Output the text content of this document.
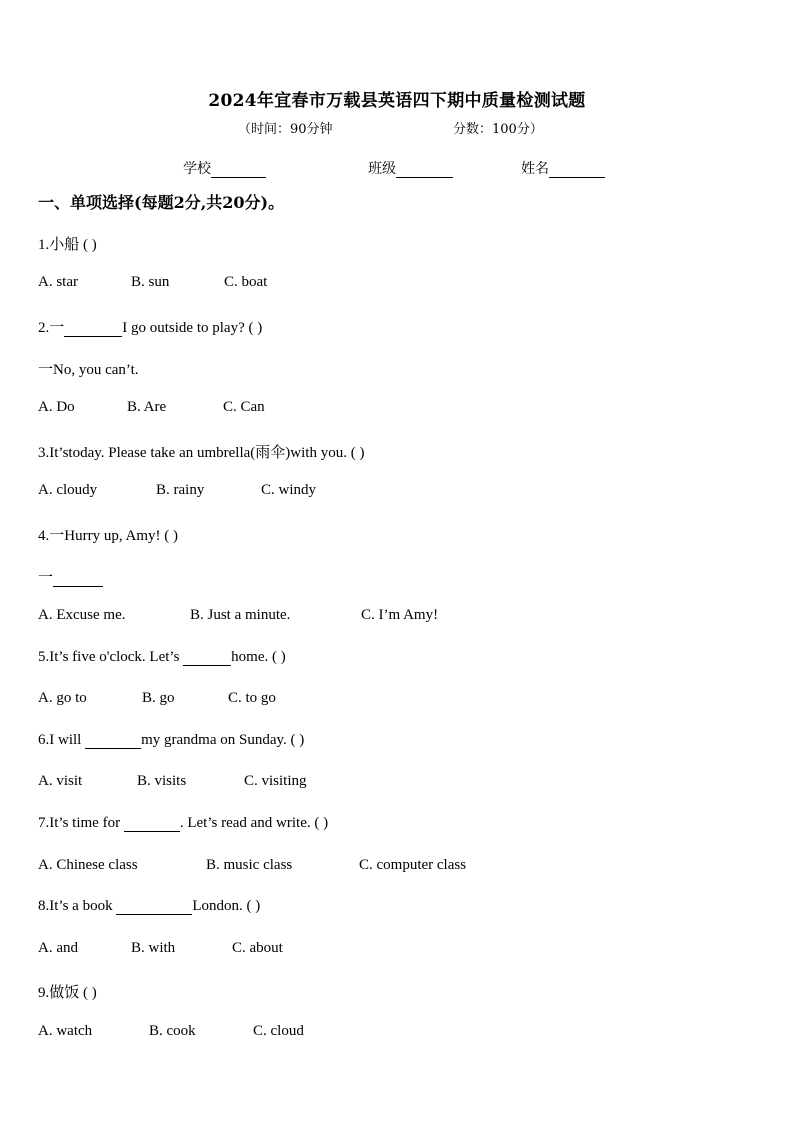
2024年宜春市万载县英语四下期中质量检测试题
（时间：90分钟	分数：100分）
学校	班级	姓名
一、单项选择(每题2分,共20分)。
1.小船 ( )
A. star	B. sun	C. boat
2.一	I go outside to play? ( )
一No, you can’t.
A. Do	B. Are	C. Can
3.It’stoday. Please take an umbrella(雨伞)with you. ( )
A. cloudy	B. rainy	C. windy
4.一Hurry up, Amy! ( )
一
A. Excuse me.	B. Just a minute.	C. I’m Amy!
5.It’s five o'clock. Let’s	home. ( )
A. go to	B. go	C. to go
6.I will	my grandma on Sunday. ( )
A. visit	B. visits	C. visiting
7.It’s time for	. Let’s read and write. ( )
A. Chinese class	B. music class	C. computer class
8.It’s a book	London. ( )
A. and	B. with	C. about
9.做饭 ( )
A. watch	B. cook	C. cloud
